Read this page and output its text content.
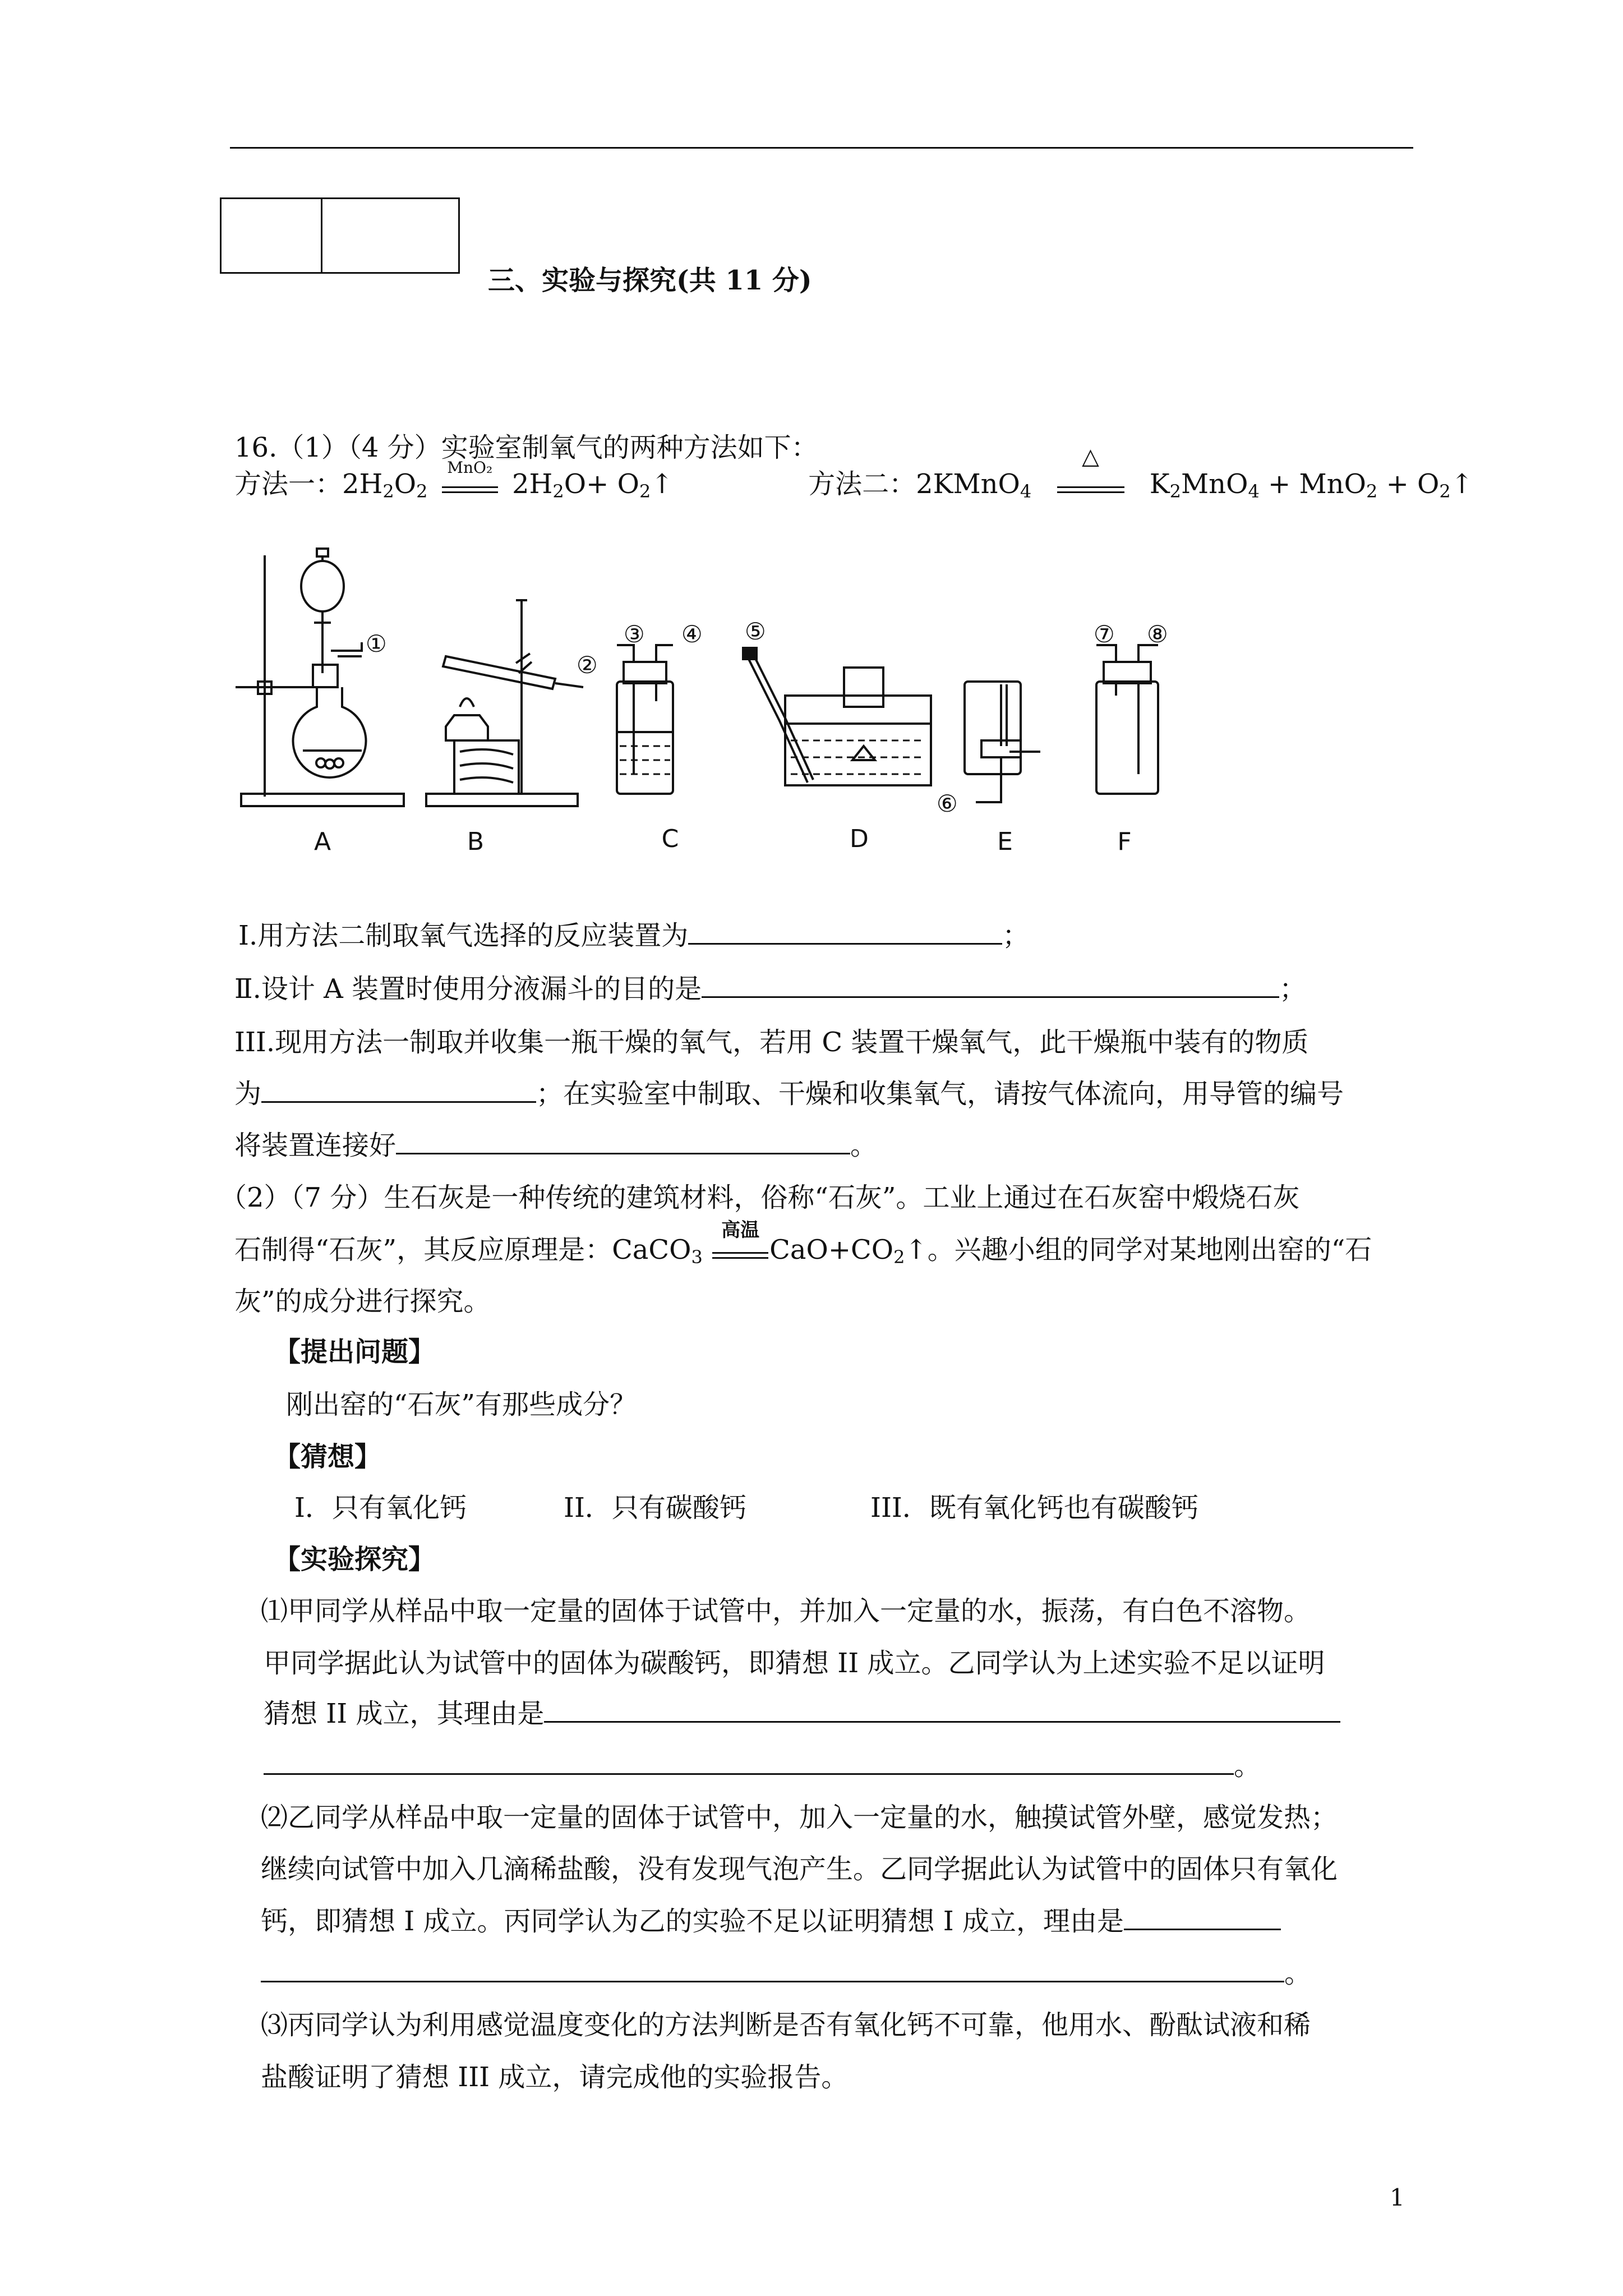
三、实验与探究(共 11 分)
16.（1）（4 分）实验室制氧气的两种方法如下：
方法一：$2H_2O_2$
MnO₂
$2H_2O+$ $O_2↑$	方法二：2KMnO$_4$
△
$K_2MnO_4 + MnO_2$ + $O_2↑$
①
②
③ ④ ⑤
⑥
⑦ ⑧
A	B	C	D	E	F
Ⅰ.用方法二制取氧气选择的反应装置为	；
Ⅱ.设计 A 装置时使用分液漏斗的目的是	；
III.现用方法一制取并收集一瓶干燥的氧气，若用 C 装置干燥氧气，此干燥瓶中装有的物质
为	；在实验室中制取、干燥和收集氧气，请按气体流向，用导管的编号
将装置连接好	。
（2）（7 分）生石灰是一种传统的建筑材料，俗称“石灰”。工业上通过在石灰窑中煅烧石灰
石制得“石灰”，其反应原理是：CaCO$_3$
高温
$CaO+CO_2↑$。兴趣小组的同学对某地刚出窑的“石
灰”的成分进行探究。
【提出问题】
刚出窑的“石灰”有那些成分？
【猜想】
I．只有氧化钙	II．只有碳酸钙	III．既有氧化钙也有碳酸钙
【实验探究】
⑴甲同学从样品中取一定量的固体于试管中，并加入一定量的水，振荡，有白色不溶物。
甲同学据此认为试管中的固体为碳酸钙，即猜想 II 成立。乙同学认为上述实验不足以证明
猜想 II 成立，其理由是
。
⑵乙同学从样品中取一定量的固体于试管中，加入一定量的水，触摸试管外壁，感觉发热；
继续向试管中加入几滴稀盐酸，没有发现气泡产生。乙同学据此认为试管中的固体只有氧化
钙，即猜想 I 成立。丙同学认为乙的实验不足以证明猜想 I 成立，理由是
。
⑶丙同学认为利用感觉温度变化的方法判断是否有氧化钙不可靠，他用水、酚酞试液和稀
盐酸证明了猜想 III 成立，请完成他的实验报告。
1
